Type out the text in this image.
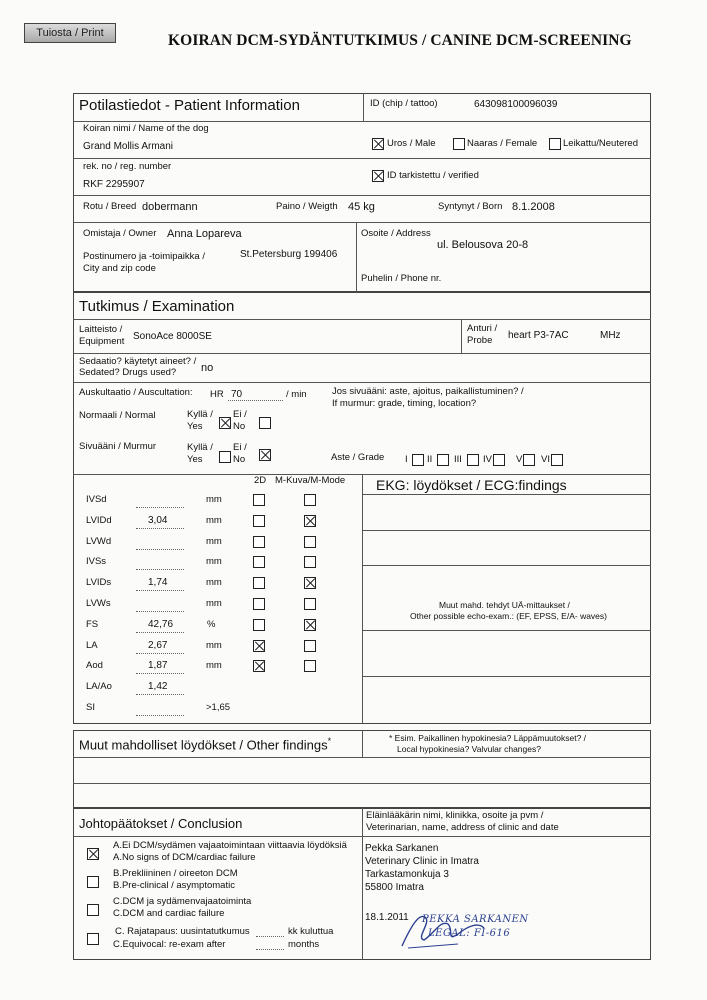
Tuiosta / Print	KOIRAN DCM-SYDÄNTUTKIMUS / CANINE DCM-SCREENING
Potilastiedot - Patient Information	ID (chip / tattoo)	643098100096039
Koiran nimi / Name of the dog
Grand Mollis Armani	Uros / Male	Naaras / Female	Leikattu/Neutered
rek. no / reg. number
RKF 2295907
ID tarkistettu / verified
Rotu / Breed dobermann	Paino / Weigth 45 kg	Syntynyt / Born 8.1.2008
Omistaja / Owner Anna Lopareva	Osoite / Address
ul. Belousova 20-8
Postinumero ja -toimipaikka /
City and zip code
St.Petersburg 199406
Puhelin / Phone nr.
Tutkimus / Examination
Laitteisto /
Equipment SonoAce 8000SE
Anturi /
Probe heart P3-7AC	MHz
Sedaatio? käytetyt aineet? /
Sedated? Drugs used? no
Auskultaatio / Auscultation: HR 70	/ min	Jos sivuääni: aste, ajoitus, paikallistuminen? /
If murmur: grade, timing, location?
Normaali / Normal	Kyllä /
Yes
Ei /
No
Sivuääni / Murmur	Kyllä /
Yes
Ei /
No	Aste / Grade I II III IV	V VI
2D M-Kuva/M-Mode EKG: löydökset / ECG:findings
Muut mahd. tehdyt UÄ-mittaukset /
Other possible echo-exam.: (EF, EPSS, E/A- waves)
IVSd	mm
LVIDd	3,04	mm
LVWd	mm
IVSs	mm
LVIDs	1,74	mm
LVWs	mm
FS	42,76	%
LA	2,67	mm
Aod	1,87	mm
LA/Ao	1,42
SI	>1,65
Muut mahdolliset löydökset / Other findings*	* Esim. Paikallinen hypokinesia? Läppämuutokset? /
Local hypokinesia? Valvular changes?
Johtopäätokset / Conclusion
Eläinlääkärin nimi, klinikka, osoite ja pvm /
Veterinarian, name, address of clinic and date
A.Ei DCM/sydämen vajaatoimintaan viittaavia löydöksiä
A.No signs of DCM/cardiac failure
B.Prekliininen / oireeton DCM
B.Pre-clinical / asymptomatic
C.DCM ja sydämenvajaatoiminta
C.DCM and cardiac failure
C. Rajatapaus: uusintatutkumus
C.Equivocal: re-exam after
kk kuluttua
months
Pekka Sarkanen
Veterinary Clinic in Imatra
Tarkastamonkuja 3
55800 Imatra
18.1.2011 PEKKA SARKANEN
LEGAL: FI-616
